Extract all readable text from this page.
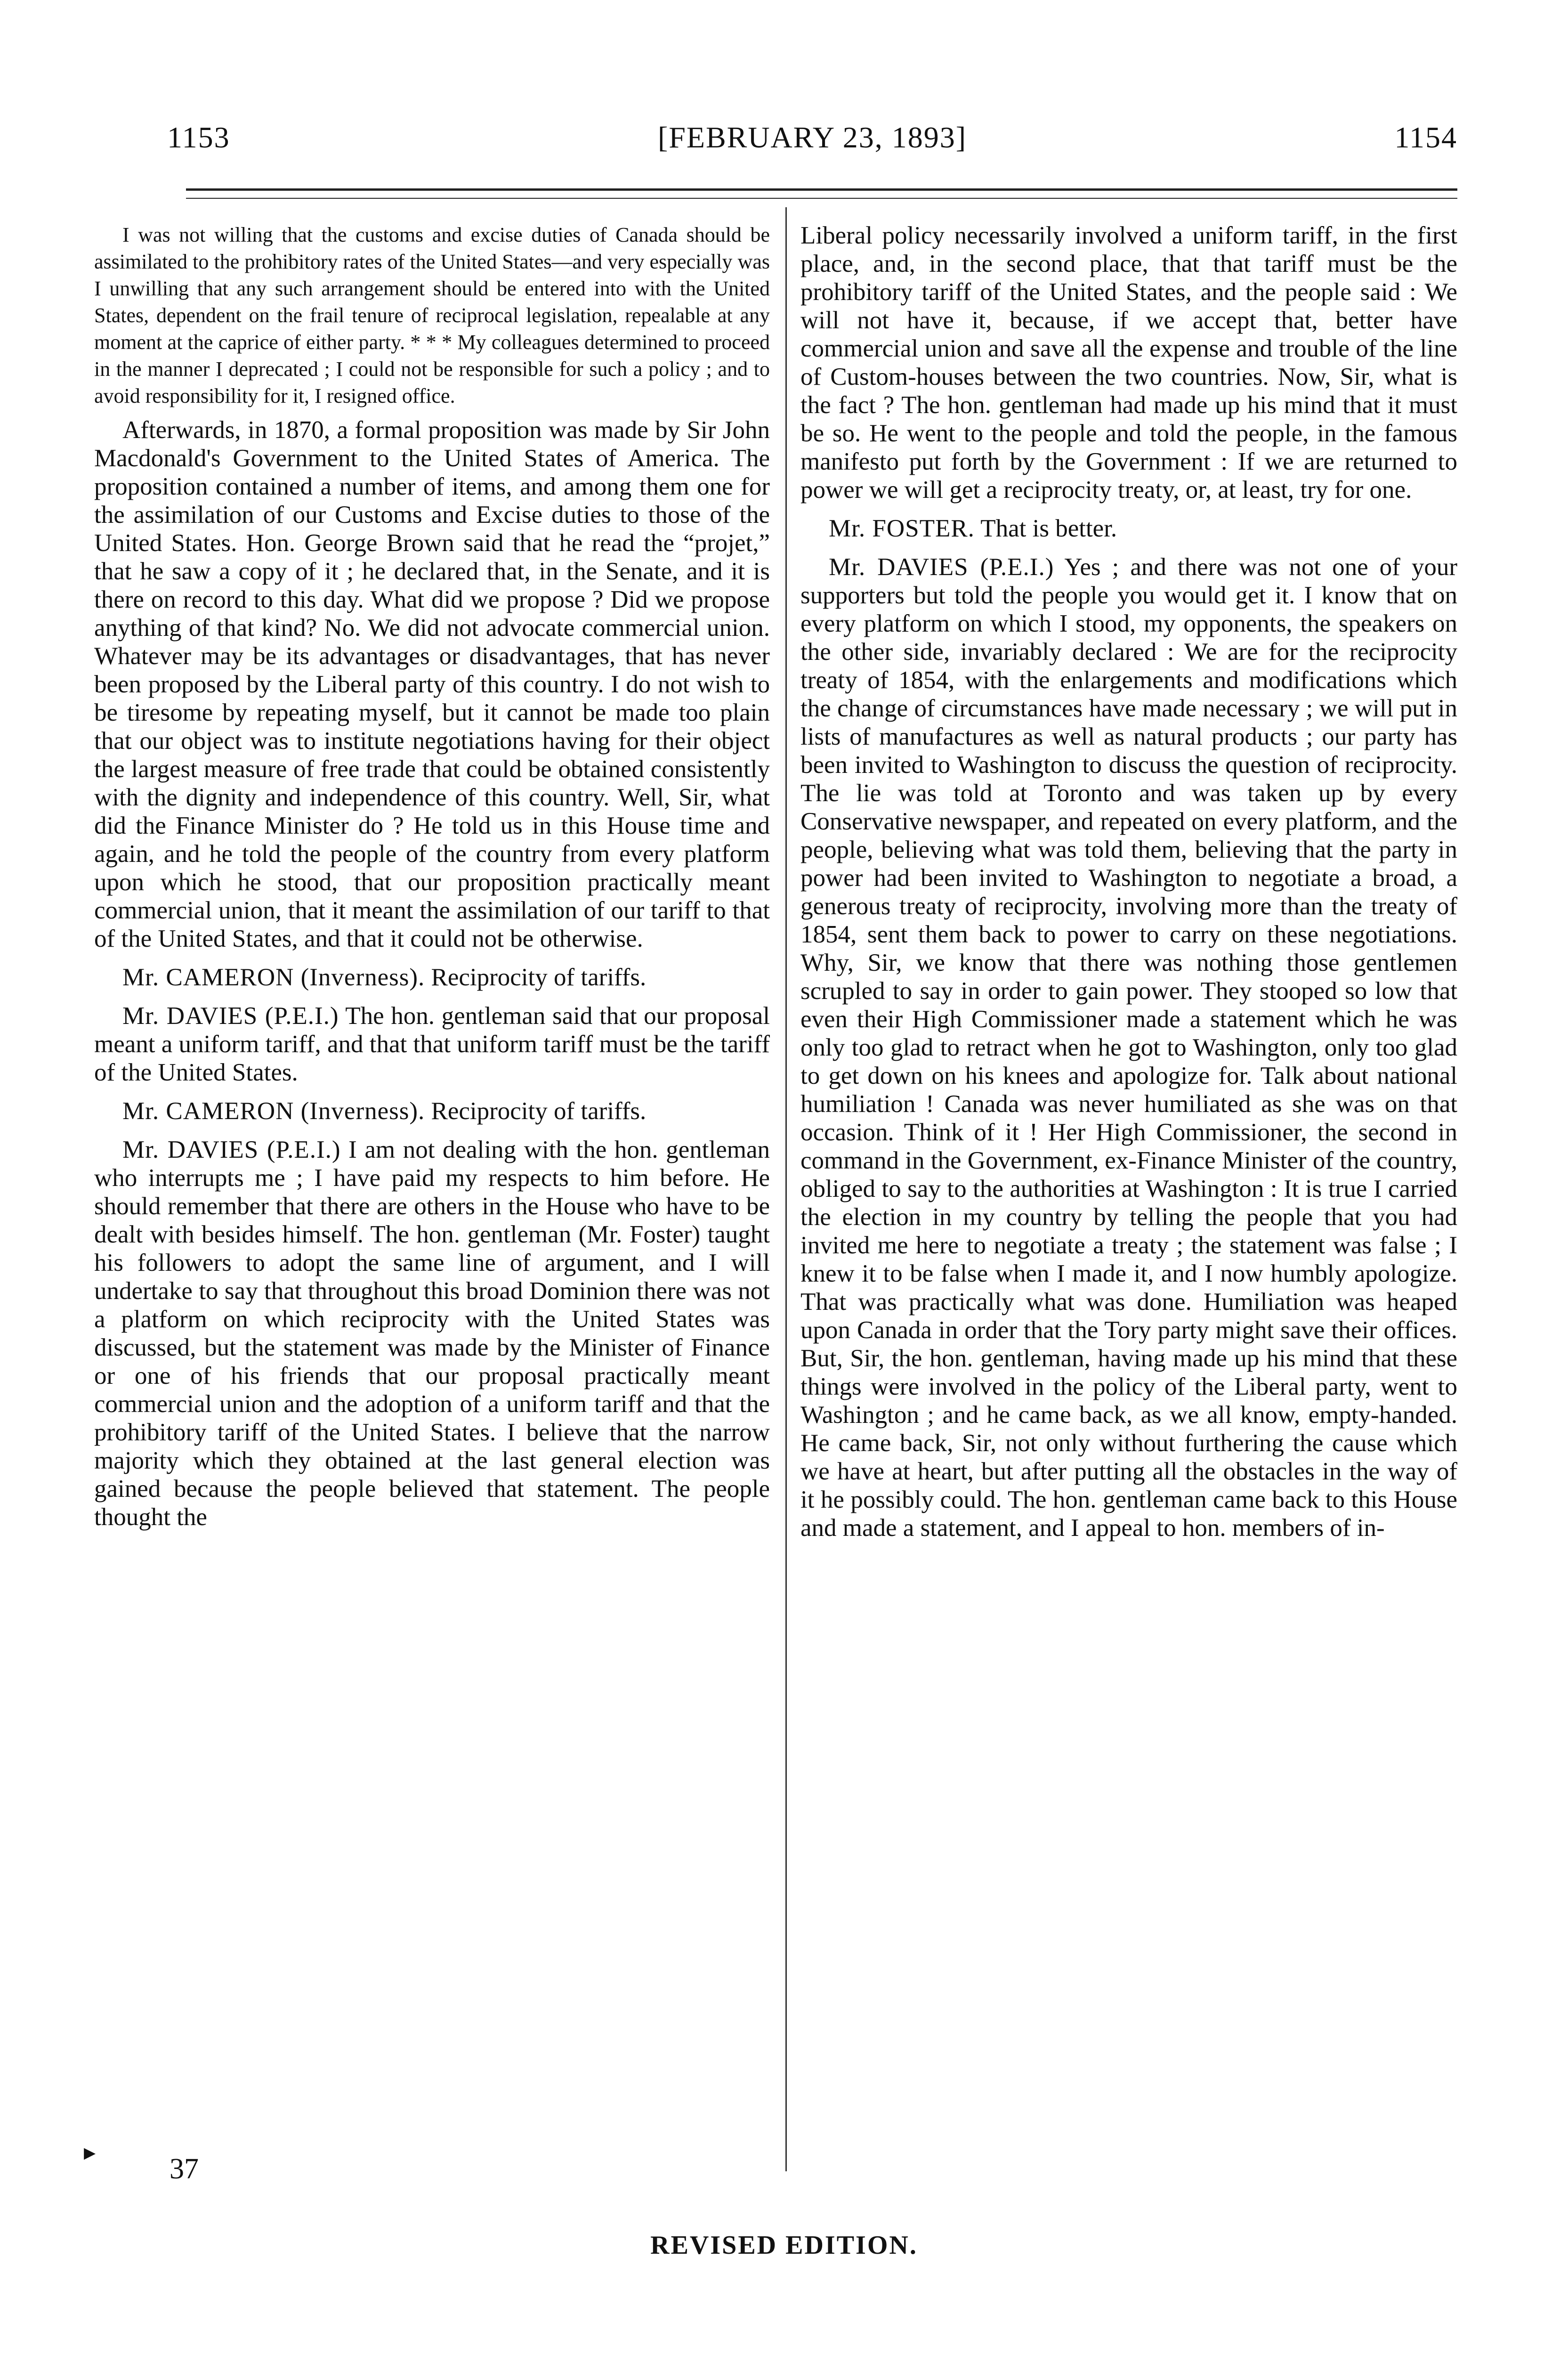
1153	[FEBRUARY 23, 1893]	1154

I was not willing that the customs and excise duties of Canada should be assimilated to the prohibitory rates of the United States—and very especially was I unwilling that any such arrangement should be entered into with the United States, dependent on the frail tenure of reciprocal legislation, repealable at any moment at the caprice of either party. * * * My colleagues determined to proceed in the manner I deprecated ; I could not be responsible for such a policy ; and to avoid responsibility for it, I resigned office.

Afterwards, in 1870, a formal proposition was made by Sir John Macdonald's Government to the United States of America. The proposition contained a number of items, and among them one for the assimilation of our Customs and Excise duties to those of the United States. Hon. George Brown said that he read the “projet,” that he saw a copy of it ; he declared that, in the Senate, and it is there on record to this day. What did we propose ? Did we propose anything of that kind? No. We did not advocate commercial union. Whatever may be its advantages or disadvantages, that has never been proposed by the Liberal party of this country. I do not wish to be tiresome by repeating myself, but it cannot be made too plain that our object was to institute negotiations having for their object the largest measure of free trade that could be obtained consistently with the dignity and independence of this country. Well, Sir, what did the Finance Minister do ? He told us in this House time and again, and he told the people of the country from every platform upon which he stood, that our proposition practically meant commercial union, that it meant the assimilation of our tariff to that of the United States, and that it could not be otherwise.

Mr. CAMERON (Inverness). Reciprocity of tariffs.

Mr. DAVIES (P.E.I.) The hon. gentleman said that our proposal meant a uniform tariff, and that that uniform tariff must be the tariff of the United States.

Mr. CAMERON (Inverness). Reciprocity of tariffs.

Mr. DAVIES (P.E.I.) I am not dealing with the hon. gentleman who interrupts me ; I have paid my respects to him before. He should remember that there are others in the House who have to be dealt with besides himself. The hon. gentleman (Mr. Foster) taught his followers to adopt the same line of argument, and I will undertake to say that throughout this broad Dominion there was not a platform on which reciprocity with the United States was discussed, but the statement was made by the Minister of Finance or one of his friends that our proposal practically meant commercial union and the adoption of a uniform tariff and that the prohibitory tariff of the United States. I believe that the narrow majority which they obtained at the last general election was gained because the people believed that statement. The people thought the

Liberal policy necessarily involved a uniform tariff, in the first place, and, in the second place, that that tariff must be the prohibitory tariff of the United States, and the people said : We will not have it, because, if we accept that, better have commercial union and save all the expense and trouble of the line of Custom-houses between the two countries. Now, Sir, what is the fact ? The hon. gentleman had made up his mind that it must be so. He went to the people and told the people, in the famous manifesto put forth by the Government : If we are returned to power we will get a reciprocity treaty, or, at least, try for one.

Mr. FOSTER. That is better.

Mr. DAVIES (P.E.I.) Yes ; and there was not one of your supporters but told the people you would get it. I know that on every platform on which I stood, my opponents, the speakers on the other side, invariably declared : We are for the reciprocity treaty of 1854, with the enlargements and modifications which the change of circumstances have made necessary ; we will put in lists of manufactures as well as natural products ; our party has been invited to Washington to discuss the question of reciprocity. The lie was told at Toronto and was taken up by every Conservative newspaper, and repeated on every platform, and the people, believing what was told them, believing that the party in power had been invited to Washington to negotiate a broad, a generous treaty of reciprocity, involving more than the treaty of 1854, sent them back to power to carry on these negotiations. Why, Sir, we know that there was nothing those gentlemen scrupled to say in order to gain power. They stooped so low that even their High Commissioner made a statement which he was only too glad to retract when he got to Washington, only too glad to get down on his knees and apologize for. Talk about national humiliation ! Canada was never humiliated as she was on that occasion. Think of it ! Her High Commissioner, the second in command in the Government, ex-Finance Minister of the country, obliged to say to the authorities at Washington : It is true I carried the election in my country by telling the people that you had invited me here to negotiate a treaty ; the statement was false ; I knew it to be false when I made it, and I now humbly apologize. That was practically what was done. Humiliation was heaped upon Canada in order that the Tory party might save their offices. But, Sir, the hon. gentleman, having made up his mind that these things were involved in the policy of the Liberal party, went to Washington ; and he came back, as we all know, empty-handed. He came back, Sir, not only without furthering the cause which we have at heart, but after putting all the obstacles in the way of it he possibly could. The hon. gentleman came back to this House and made a statement, and I appeal to hon. members of in-

▸
37
REVISED EDITION.
